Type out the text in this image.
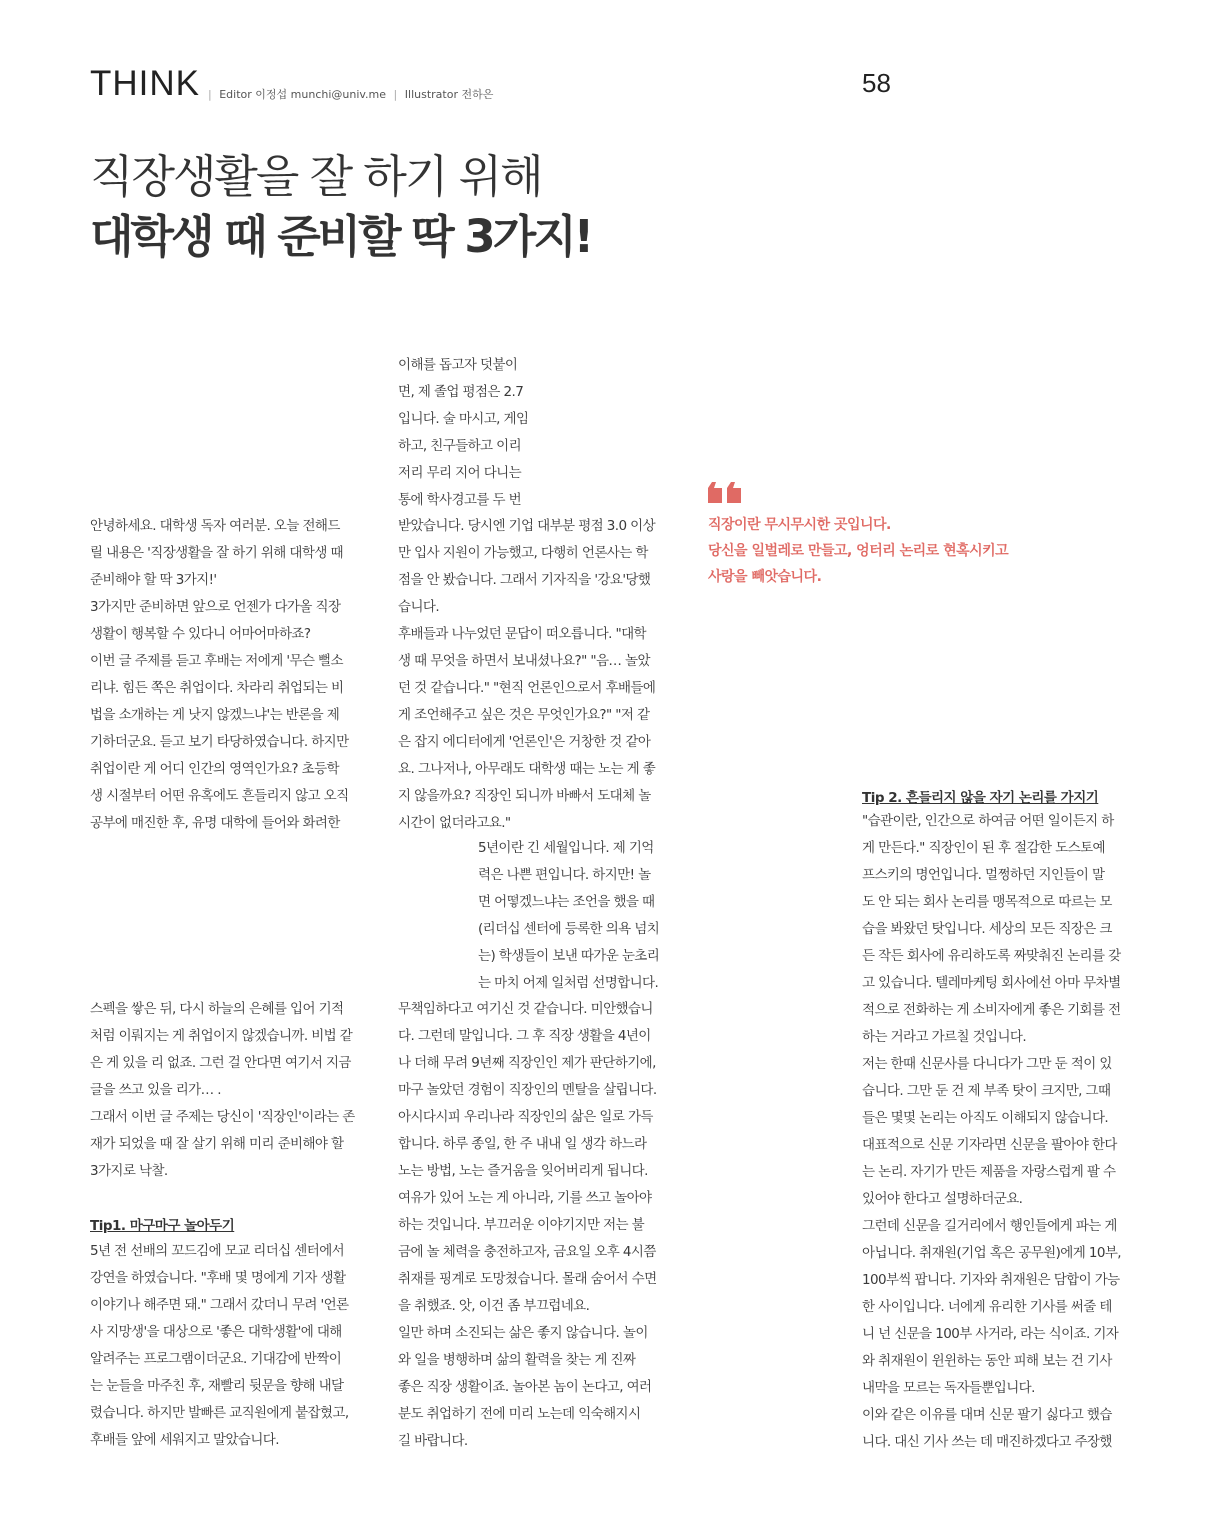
THINK | Editor 이정섭 munchi@univ.me | Illustrator 전하은	58
직장생활을 잘 하기 위해
대학생 때 준비할 딱 3가지!
안녕하세요. 대학생 독자 여러분. 오늘 전해드
릴 내용은 '직장생활을 잘 하기 위해 대학생 때
준비해야 할 딱 3가지!'
3가지만 준비하면 앞으로 언젠가 다가올 직장
생활이 행복할 수 있다니 어마어마하죠?
이번 글 주제를 듣고 후배는 저에게 '무슨 뻘소
리냐. 힘든 쪽은 취업이다. 차라리 취업되는 비
법을 소개하는 게 낫지 않겠느냐'는 반론을 제
기하더군요. 듣고 보기 타당하였습니다. 하지만
취업이란 게 어디 인간의 영역인가요? 초등학
생 시절부터 어떤 유혹에도 흔들리지 않고 오직
공부에 매진한 후, 유명 대학에 들어와 화려한
스펙을 쌓은 뒤, 다시 하늘의 은혜를 입어 기적
처럼 이뤄지는 게 취업이지 않겠습니까. 비법 같
은 게 있을 리 없죠. 그런 걸 안다면 여기서 지금
글을 쓰고 있을 리가… .
그래서 이번 글 주제는 당신이 '직장인'이라는 존
재가 되었을 때 잘 살기 위해 미리 준비해야 할
3가지로 낙찰.
Tip1. 마구마구 놀아두기
5년 전 선배의 꼬드김에 모교 리더십 센터에서
강연을 하였습니다. "후배 몇 명에게 기자 생활
이야기나 해주면 돼." 그래서 갔더니 무려 '언론
사 지망생'을 대상으로 '좋은 대학생활'에 대해
알려주는 프로그램이더군요. 기대감에 반짝이
는 눈들을 마주친 후, 재빨리 뒷문을 향해 내달
렸습니다. 하지만 발빠른 교직원에게 붙잡혔고,
후배들 앞에 세워지고 말았습니다.
이해를 돕고자 덧붙이
면, 제 졸업 평점은 2.7
입니다. 술 마시고, 게임
하고, 친구들하고 이리
저리 무리 지어 다니는
통에 학사경고를 두 번
받았습니다. 당시엔 기업 대부분 평점 3.0 이상
만 입사 지원이 가능했고, 다행히 언론사는 학
점을 안 봤습니다. 그래서 기자직을 '강요'당했
습니다.
후배들과 나누었던 문답이 떠오릅니다. "대학
생 때 무엇을 하면서 보내셨나요?" "음… 놀았
던 것 같습니다." "현직 언론인으로서 후배들에
게 조언해주고 싶은 것은 무엇인가요?" "저 같
은 잡지 에디터에게 '언론인'은 거창한 것 같아
요. 그나저나, 아무래도 대학생 때는 노는 게 좋
지 않을까요? 직장인 되니까 바빠서 도대체 놀
시간이 없더라고요."
5년이란 긴 세월입니다. 제 기억
력은 나쁜 편입니다. 하지만! 놀
면 어떻겠느냐는 조언을 했을 때
(리더십 센터에 등록한 의욕 넘치
는) 학생들이 보낸 따가운 눈초리
는 마치 어제 일처럼 선명합니다.
무책임하다고 여기신 것 같습니다. 미안했습니
다. 그런데 말입니다. 그 후 직장 생활을 4년이
나 더해 무려 9년째 직장인인 제가 판단하기에,
마구 놀았던 경험이 직장인의 멘탈을 살립니다.
아시다시피 우리나라 직장인의 삶은 일로 가득
합니다. 하루 종일, 한 주 내내 일 생각 하느라
노는 방법, 노는 즐거움을 잊어버리게 됩니다.
여유가 있어 노는 게 아니라, 기를 쓰고 놀아야
하는 것입니다. 부끄러운 이야기지만 저는 불
금에 놀 체력을 충전하고자, 금요일 오후 4시쯤
취재를 핑계로 도망쳤습니다. 몰래 숨어서 수면
을 취했죠. 앗, 이건 좀 부끄럽네요.
일만 하며 소진되는 삶은 좋지 않습니다. 놀이
와 일을 병행하며 삶의 활력을 찾는 게 진짜
좋은 직장 생활이죠. 놀아본 놈이 논다고, 여러
분도 취업하기 전에 미리 노는데 익숙해지시
길 바랍니다.
직장이란 무시무시한 곳입니다.
당신을 일벌레로 만들고, 엉터리 논리로 현혹시키고
사랑을 빼앗습니다.
Tip 2. 흔들리지 않을 자기 논리를 가지기
"습관이란, 인간으로 하여금 어떤 일이든지 하
게 만든다." 직장인이 된 후 절감한 도스토예
프스키의 명언입니다. 멀쩡하던 지인들이 말
도 안 되는 회사 논리를 맹목적으로 따르는 모
습을 봐왔던 탓입니다. 세상의 모든 직장은 크
든 작든 회사에 유리하도록 짜맞춰진 논리를 갖
고 있습니다. 텔레마케팅 회사에선 아마 무차별
적으로 전화하는 게 소비자에게 좋은 기회를 전
하는 거라고 가르칠 것입니다.
저는 한때 신문사를 다니다가 그만 둔 적이 있
습니다. 그만 둔 건 제 부족 탓이 크지만, 그때
들은 몇몇 논리는 아직도 이해되지 않습니다.
대표적으로 신문 기자라면 신문을 팔아야 한다
는 논리. 자기가 만든 제품을 자랑스럽게 팔 수
있어야 한다고 설명하더군요.
그런데 신문을 길거리에서 행인들에게 파는 게
아닙니다. 취재원(기업 혹은 공무원)에게 10부,
100부씩 팝니다. 기자와 취재원은 담합이 가능
한 사이입니다. 너에게 유리한 기사를 써줄 테
니 넌 신문을 100부 사거라, 라는 식이죠. 기자
와 취재원이 윈윈하는 동안 피해 보는 건 기사
내막을 모르는 독자들뿐입니다.
이와 같은 이유를 대며 신문 팔기 싫다고 했습
니다. 대신 기사 쓰는 데 매진하겠다고 주장했
